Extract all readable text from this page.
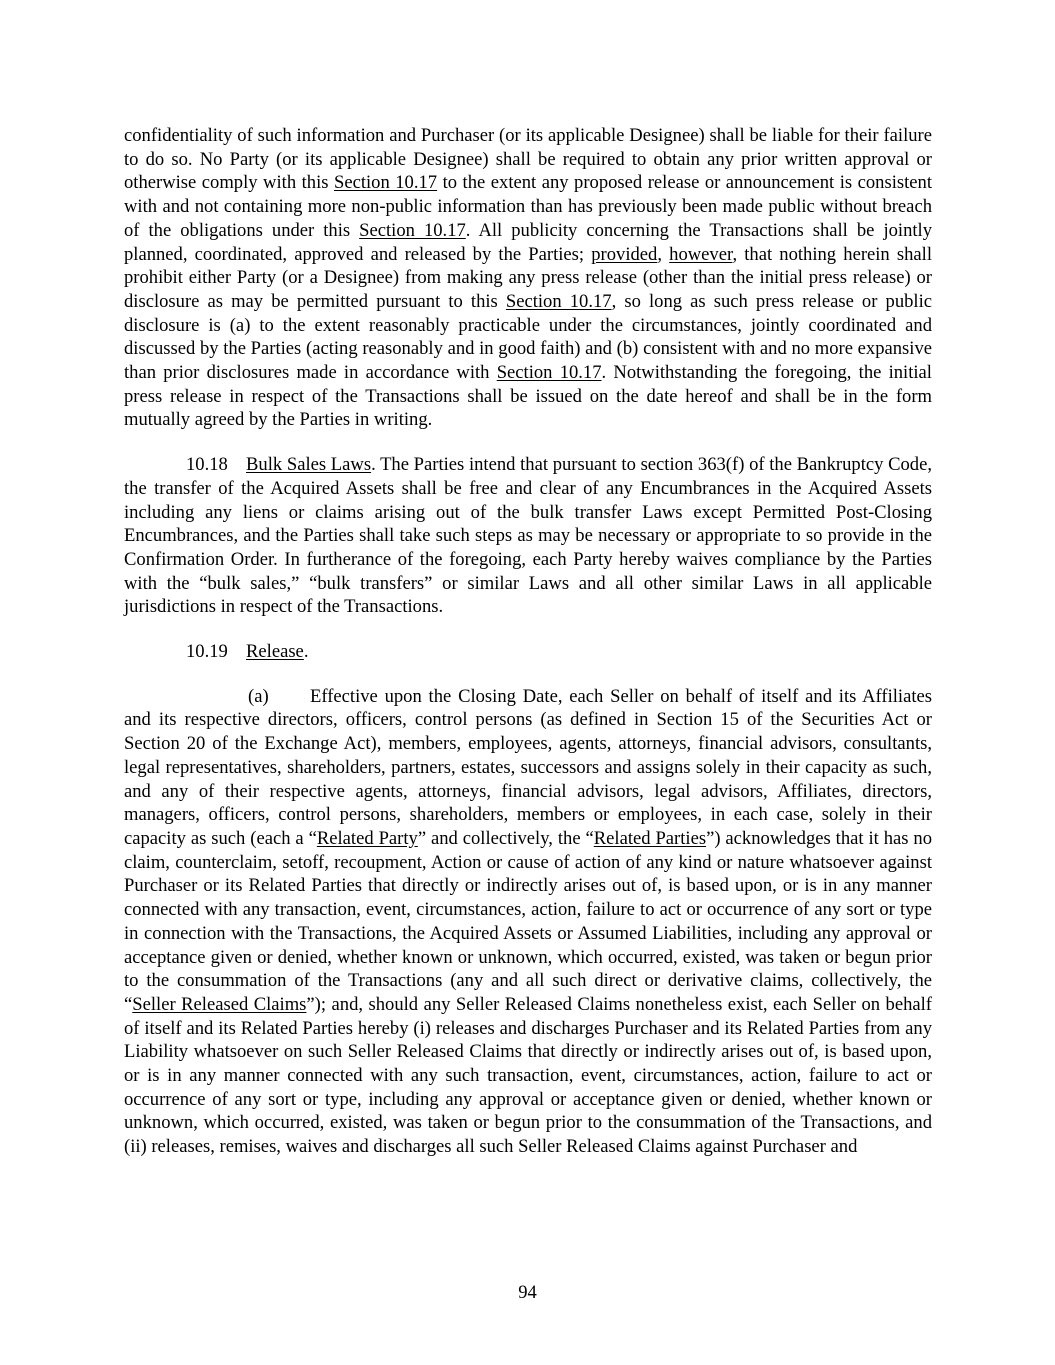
confidentiality of such information and Purchaser (or its applicable Designee) shall be liable for their failure to do so. No Party (or its applicable Designee) shall be required to obtain any prior written approval or otherwise comply with this Section 10.17 to the extent any proposed release or announcement is consistent with and not containing more non-public information than has previously been made public without breach of the obligations under this Section 10.17. All publicity concerning the Transactions shall be jointly planned, coordinated, approved and released by the Parties; provided, however, that nothing herein shall prohibit either Party (or a Designee) from making any press release (other than the initial press release) or disclosure as may be permitted pursuant to this Section 10.17, so long as such press release or public disclosure is (a) to the extent reasonably practicable under the circumstances, jointly coordinated and discussed by the Parties (acting reasonably and in good faith) and (b) consistent with and no more expansive than prior disclosures made in accordance with Section 10.17. Notwithstanding the foregoing, the initial press release in respect of the Transactions shall be issued on the date hereof and shall be in the form mutually agreed by the Parties in writing.

10.18 Bulk Sales Laws. The Parties intend that pursuant to section 363(f) of the Bankruptcy Code, the transfer of the Acquired Assets shall be free and clear of any Encumbrances in the Acquired Assets including any liens or claims arising out of the bulk transfer Laws except Permitted Post-Closing Encumbrances, and the Parties shall take such steps as may be necessary or appropriate to so provide in the Confirmation Order. In furtherance of the foregoing, each Party hereby waives compliance by the Parties with the “bulk sales,” “bulk transfers” or similar Laws and all other similar Laws in all applicable jurisdictions in respect of the Transactions.

10.19 Release.

(a) Effective upon the Closing Date, each Seller on behalf of itself and its Affiliates and its respective directors, officers, control persons (as defined in Section 15 of the Securities Act or Section 20 of the Exchange Act), members, employees, agents, attorneys, financial advisors, consultants, legal representatives, shareholders, partners, estates, successors and assigns solely in their capacity as such, and any of their respective agents, attorneys, financial advisors, legal advisors, Affiliates, directors, managers, officers, control persons, shareholders, members or employees, in each case, solely in their capacity as such (each a “Related Party” and collectively, the “Related Parties”) acknowledges that it has no claim, counterclaim, setoff, recoupment, Action or cause of action of any kind or nature whatsoever against Purchaser or its Related Parties that directly or indirectly arises out of, is based upon, or is in any manner connected with any transaction, event, circumstances, action, failure to act or occurrence of any sort or type in connection with the Transactions, the Acquired Assets or Assumed Liabilities, including any approval or acceptance given or denied, whether known or unknown, which occurred, existed, was taken or begun prior to the consummation of the Transactions (any and all such direct or derivative claims, collectively, the “Seller Released Claims”); and, should any Seller Released Claims nonetheless exist, each Seller on behalf of itself and its Related Parties hereby (i) releases and discharges Purchaser and its Related Parties from any Liability whatsoever on such Seller Released Claims that directly or indirectly arises out of, is based upon, or is in any manner connected with any such transaction, event, circumstances, action, failure to act or occurrence of any sort or type, including any approval or acceptance given or denied, whether known or unknown, which occurred, existed, was taken or begun prior to the consummation of the Transactions, and (ii) releases, remises, waives and discharges all such Seller Released Claims against Purchaser and

94
